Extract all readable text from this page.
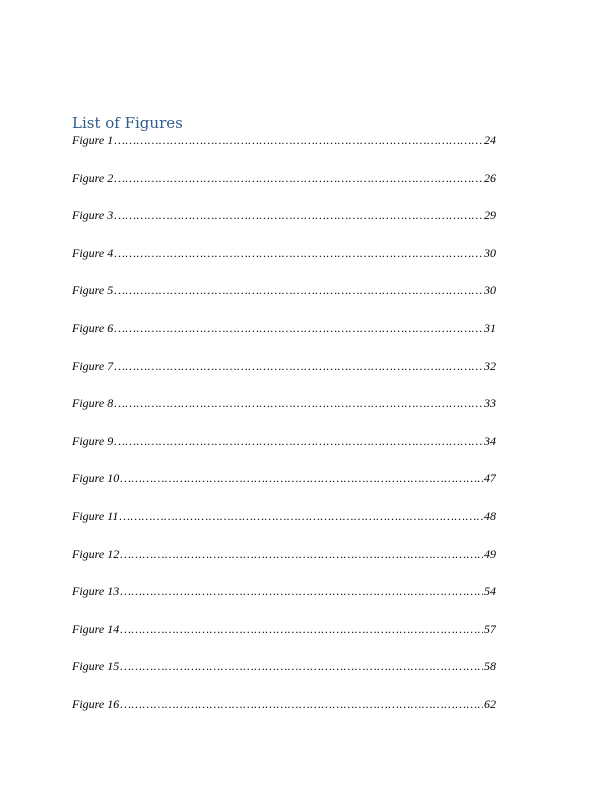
List of Figures
Figure 1 ………………………………………………………………………………………………………………………………………………………………………………………	24
Figure 2 ………………………………………………………………………………………………………………………………………………………………………………………	26
Figure 3 ………………………………………………………………………………………………………………………………………………………………………………………	29
Figure 4 ………………………………………………………………………………………………………………………………………………………………………………………	30
Figure 5 ………………………………………………………………………………………………………………………………………………………………………………………	30
Figure 6 ………………………………………………………………………………………………………………………………………………………………………………………	31
Figure 7 ………………………………………………………………………………………………………………………………………………………………………………………	32
Figure 8 ………………………………………………………………………………………………………………………………………………………………………………………	33
Figure 9 ………………………………………………………………………………………………………………………………………………………………………………………	34
Figure 10 ………………………………………………………………………………………………………………………………………………………………………………………	47
Figure 11 ………………………………………………………………………………………………………………………………………………………………………………………	48
Figure 12 ………………………………………………………………………………………………………………………………………………………………………………………	49
Figure 13 ………………………………………………………………………………………………………………………………………………………………………………………	54
Figure 14 ………………………………………………………………………………………………………………………………………………………………………………………	57
Figure 15 ………………………………………………………………………………………………………………………………………………………………………………………	58
Figure 16 ………………………………………………………………………………………………………………………………………………………………………………………	62
